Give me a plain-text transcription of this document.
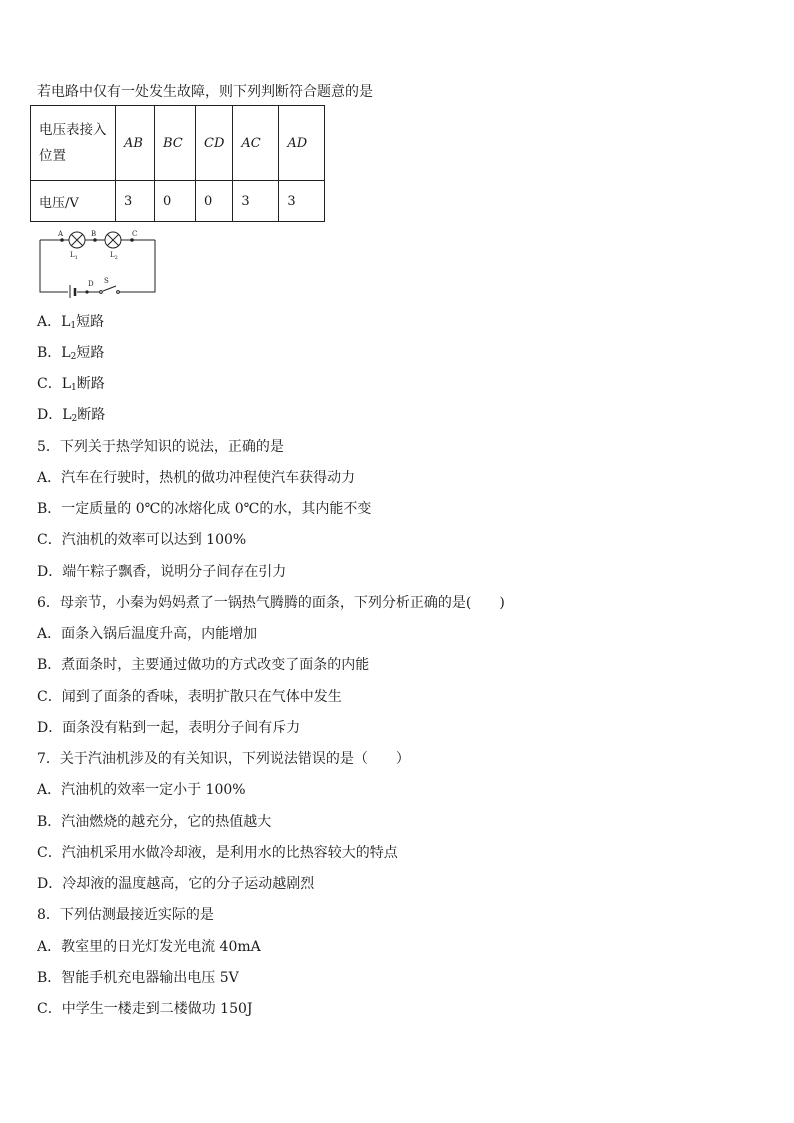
若电路中仅有一处发生故障，则下列判断符合题意的是
电压表接入位置	AB	BC	CD	AC	AD
电压/V	3	0	0	3	3
A	B	C
D S
$L_1$	$L_2$
A．$L_1$短路
B．$L_2$短路
C．$L_1$断路
D．$L_2$断路
5．下列关于热学知识的说法，正确的是
A．汽车在行驶时，热机的做功冲程使汽车获得动力
B．一定质量的 0℃的冰熔化成 0℃的水，其内能不变
C．汽油机的效率可以达到 100%
D．端午粽子飘香，说明分子间存在引力
6．母亲节，小秦为妈妈煮了一锅热气腾腾的面条，下列分析正确的是(　　)
A．面条入锅后温度升高，内能增加
B．煮面条时，主要通过做功的方式改变了面条的内能
C．闻到了面条的香味，表明扩散只在气体中发生
D．面条没有粘到一起，表明分子间有斥力
7．关于汽油机涉及的有关知识，下列说法错误的是（　　）
A．汽油机的效率一定小于 100%
B．汽油燃烧的越充分，它的热值越大
C．汽油机采用水做冷却液，是利用水的比热容较大的特点
D．冷却液的温度越高，它的分子运动越剧烈
8．下列估测最接近实际的是
A．教室里的日光灯发光电流 40mA
B．智能手机充电器输出电压 5V
C．中学生一楼走到二楼做功 150J
